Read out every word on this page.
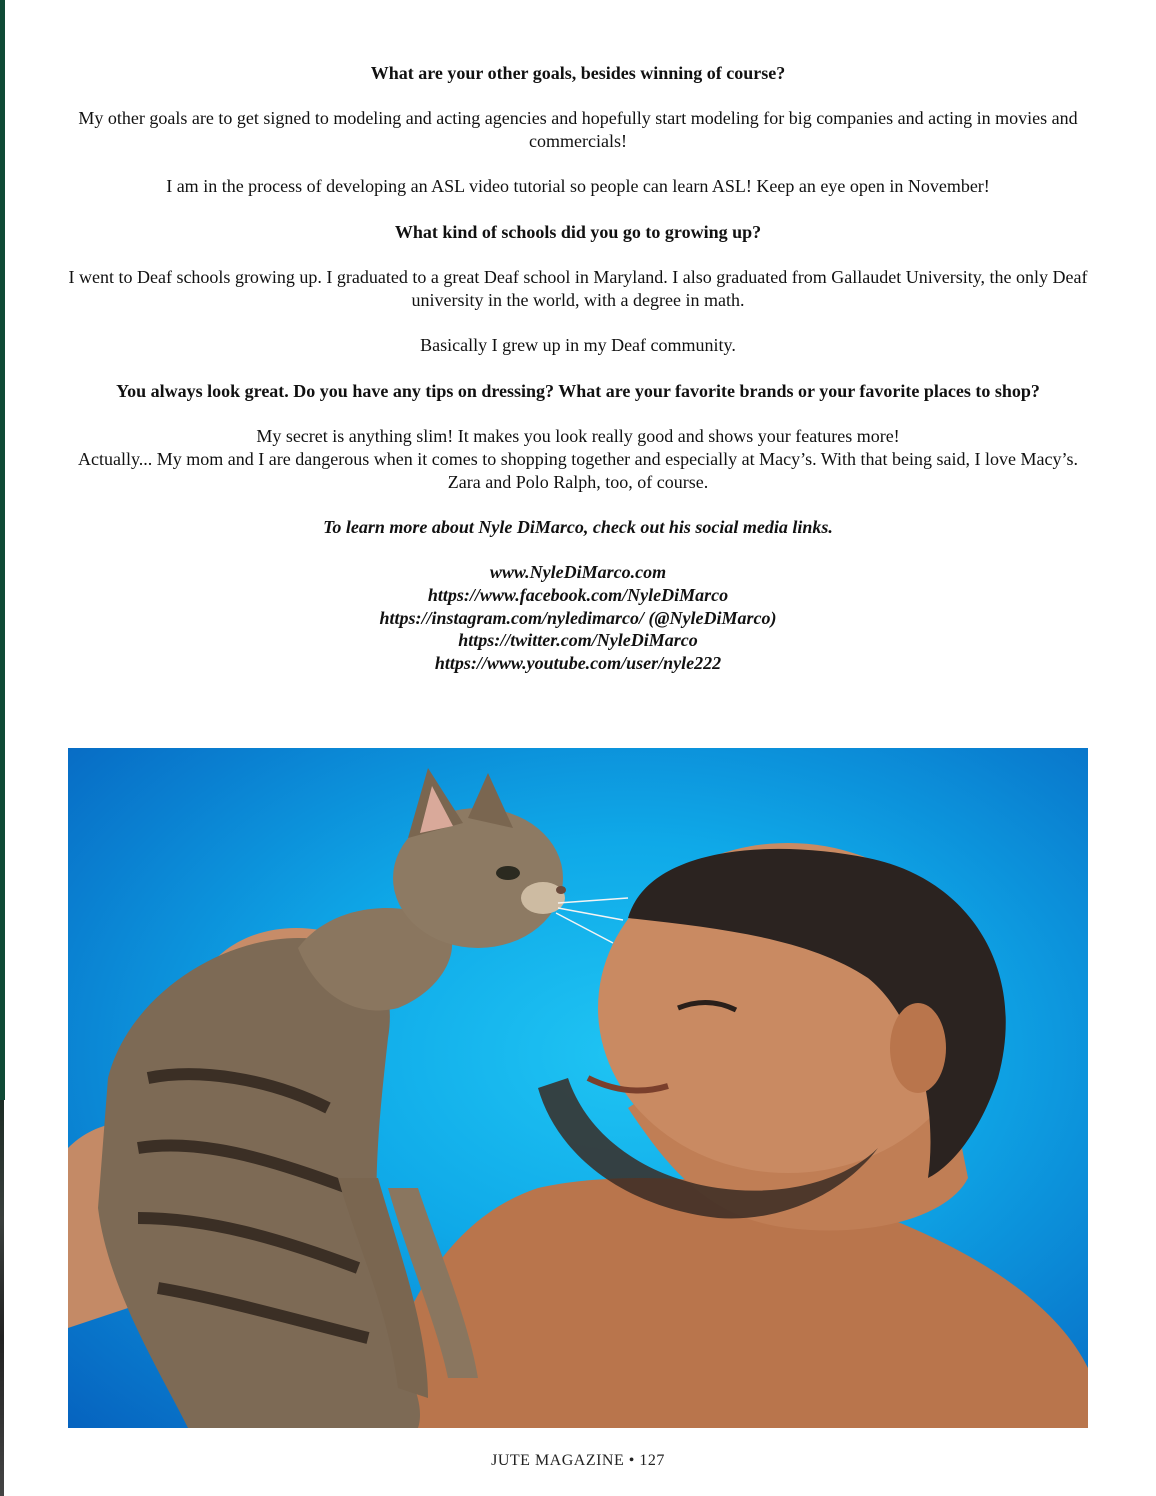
What are your other goals, besides winning of course?

My other goals are to get signed to modeling and acting agencies and hopefully start modeling for big companies and acting in movies and commercials!

I am in the process of developing an ASL video tutorial so people can learn ASL! Keep an eye open in November!

What kind of schools did you go to growing up?

I went to Deaf schools growing up. I graduated to a great Deaf school in Maryland. I also graduated from Gallaudet University, the only Deaf university in the world, with a degree in math.

Basically I grew up in my Deaf community.

You always look great. Do you have any tips on dressing? What are your favorite brands or your favorite places to shop?

My secret is anything slim! It makes you look really good and shows your features more!
Actually... My mom and I are dangerous when it comes to shopping together and especially at Macy’s. With that being said, I love Macy’s. Zara and Polo Ralph, too, of course.

To learn more about Nyle DiMarco, check out his social media links.

www.NyleDiMarco.com
https://www.facebook.com/NyleDiMarco
https://instagram.com/nyledimarco/ (@NyleDiMarco)
https://twitter.com/NyleDiMarco
https://www.youtube.com/user/nyle222
JUTE MAGAZINE • 127
